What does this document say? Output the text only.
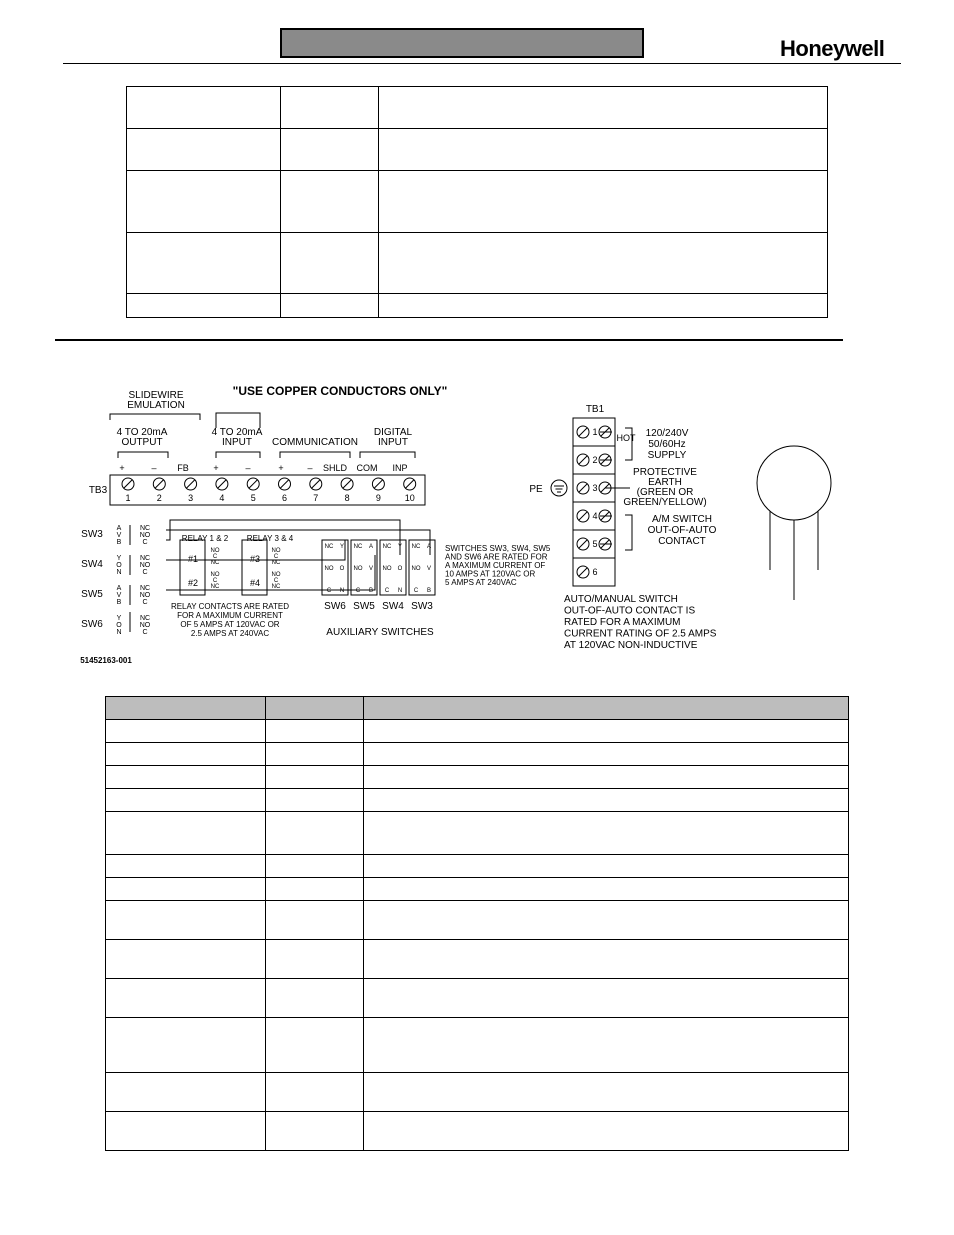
Honeywell

"USE COPPER CONDUCTORS ONLY"
SLIDEWIRE
EMULATION
4 TO 20mA
OUTPUT
4 TO 20mA
INPUT COMMUNICATION
DIGITAL
INPUT
TB3
1	2	3	4	5	6	7	8	9	10
+	– FB	+	–	+	– SHLD COM INP
RELAY 1 & 2 RELAY 3 & 4
#1
#2
#3
#4
RELAY CONTACTS ARE RATED
FOR A MAXIMUM CURRENT
OF 5 AMPS AT 120VAC OR
2.5 AMPS AT 240VAC
SW6
NC Y
NO O
C N
SW5
NC A
NO V
C B
SW4
NC Y
NO O
C N
SW3
NC A
NO V
C B
AUXILIARY SWITCHES
SWITCHES SW3, SW4, SW5
AND SW6 ARE RATED FOR
A MAXIMUM CURRENT OF
10 AMPS AT 120VAC OR
5 AMPS AT 240VAC
SW3
A
V
B
NC
NO
C
SW4
Y
O
N
NC
NO
C
SW5
A
V
B
NC
NO
C
SW6
Y
O
N
NC
NO
C
NO
C
NC
NO
C
NC
NO
C
NC
NO
C
NC
51452163-001
TB1
1
2
3
4
5
6
PE
HOT 120/240V
50/60Hz
SUPPLY
PROTECTIVE
EARTH
(GREEN OR
GREEN/YELLOW)
A/M SWITCH
OUT-OF-AUTO
CONTACT
AUTO/MANUAL SWITCH
OUT-OF-AUTO CONTACT IS
RATED FOR A MAXIMUM
CURRENT RATING OF 2.5 AMPS
AT 120VAC NON-INDUCTIVE
